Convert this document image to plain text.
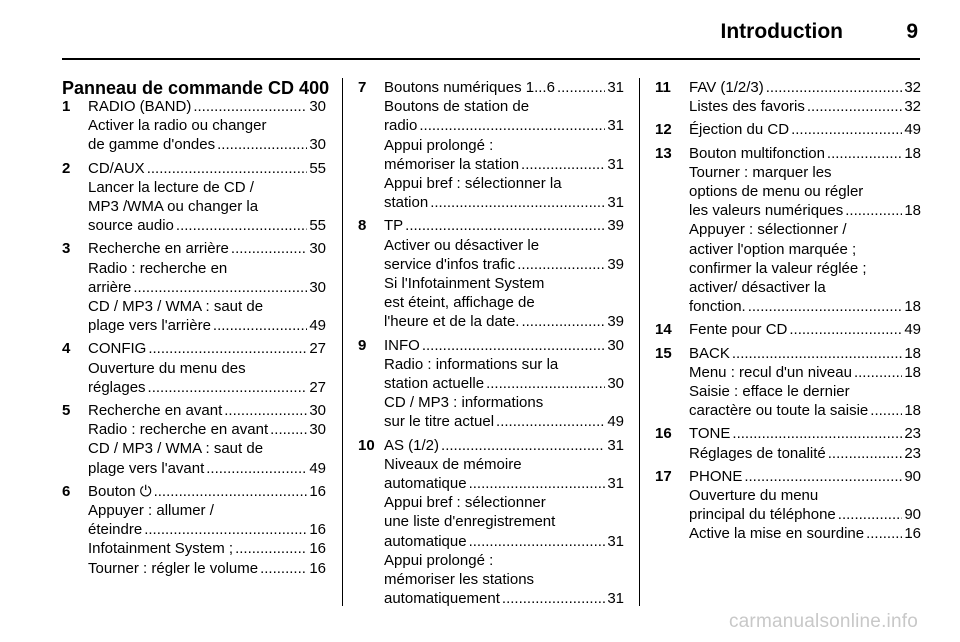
Introduction	9
Panneau de commande CD 400
1	RADIO (BAND) .....	30
Activer la radio ou changer
de gamme d'ondes .....	30
2	CD/AUX .....	55
Lancer la lecture de CD /
MP3 /WMA ou changer la
source audio .....	55
3	Recherche en arrière .....	30
Radio : recherche en
arrière .....	30
CD / MP3 / WMA : saut de
plage vers l'arrière .....	49
4	CONFIG .....	27
Ouverture du menu des
réglages .....	27
5	Recherche en avant .....	30
Radio : recherche en avant .....	30
CD / MP3 / WMA : saut de
plage vers l'avant .....	49
6	Bouton ⏻ .....	16
Appuyer : allumer /
éteindre .....	16
Infotainment System ; .....	16
Tourner : régler le volume .....	16
7	Boutons numériques 1...6 .....	31
Boutons de station de
radio .....	31
Appui prolongé :
mémoriser la station .....	31
Appui bref : sélectionner la
station .....	31
8	TP .....	39
Activer ou désactiver le
service d'infos trafic .....	39
Si l'Infotainment System
est éteint, affichage de
l'heure et de la date. .....	39
9	INFO .....	30
Radio : informations sur la
station actuelle .....	30
CD / MP3 : informations
sur le titre actuel .....	49
10 AS (1/2) .....	31
Niveaux de mémoire
automatique .....	31
Appui bref : sélectionner
une liste d'enregistrement
automatique .....	31
Appui prolongé :
mémoriser les stations
automatiquement .....	31
11	FAV (1/2/3) .....	32
Listes des favoris .....	32
12	Éjection du CD .....	49
13	Bouton multifonction .....	18
Tourner : marquer les
options de menu ou régler
les valeurs numériques .....	18
Appuyer : sélectionner /
activer l'option marquée ;
confirmer la valeur réglée ;
activer/ désactiver la
fonction. .....	18
14	Fente pour CD .....	49
15	BACK .....	18
Menu : recul d'un niveau .....	18
Saisie : efface le dernier
caractère ou toute la saisie ..... 18
16	TONE .....	23
Réglages de tonalité .....	23
17	PHONE .....	90
Ouverture du menu
principal du téléphone .....	90
Active la mise en sourdine .....	16
carmanualsonline.info
